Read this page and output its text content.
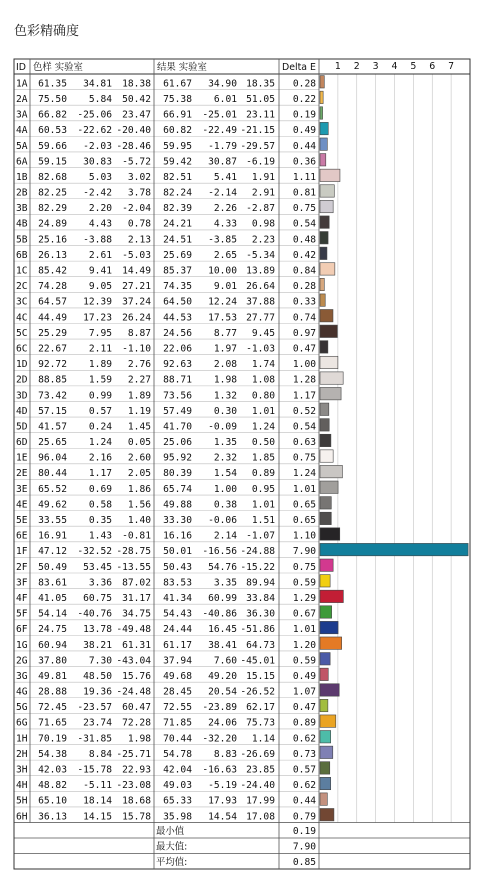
色彩精确度
ID 色样 实验室	结果 实验室	Delta E 1 2 3 4 5 6 7
1A 61.35 34.81 18.38 61.67 34.90 18.35 0.28
2A 75.50 5.84 50.42 75.38 6.01 51.05 0.22
3A 66.82 -25.06 23.47 66.91 -25.01 23.11 0.19
4A 60.53 -22.62 -20.40 60.82 -22.49 -21.15 0.49
5A 59.66 -2.03 -28.46 59.95 -1.79 -29.57 0.44
6A 59.15 30.83 -5.72 59.42 30.87 -6.19 0.36
1B 82.68 5.03 3.02 82.51 5.41 1.91 1.11
2B 82.25 -2.42 3.78 82.24 -2.14 2.91 0.81
3B 82.29 2.20 -2.04 82.39 2.26 -2.87 0.75
4B 24.89 4.43 0.78 24.21 4.33 0.98 0.54
5B 25.16 -3.88 2.13 24.51 -3.85 2.23 0.48
6B 26.13 2.61 -5.03 25.69 2.65 -5.34 0.42
1C 85.42 9.41 14.49 85.37 10.00 13.89 0.84
2C 74.28 9.05 27.21 74.35 9.01 26.64 0.28
3C 64.57 12.39 37.24 64.50 12.24 37.88 0.33
4C 44.49 17.23 26.24 44.53 17.53 27.77 0.74
5C 25.29 7.95 8.87 24.56 8.77 9.45 0.97
6C 22.67 2.11 -1.10 22.06 1.97 -1.03 0.47
1D 92.72 1.89 2.76 92.63 2.08 1.74 1.00
2D 88.85 1.59 2.27 88.71 1.98 1.08 1.28
3D 73.42 0.99 1.89 73.56 1.32 0.80 1.17
4D 57.15 0.57 1.19 57.49 0.30 1.01 0.52
5D 41.57 0.24 1.45 41.70 -0.09 1.24 0.54
6D 25.65 1.24 0.05 25.06 1.35 0.50 0.63
1E 96.04 2.16 2.60 95.92 2.32 1.85 0.75
2E 80.44 1.17 2.05 80.39 1.54 0.89 1.24
3E 65.52 0.69 1.86 65.74 1.00 0.95 1.01
4E 49.62 0.58 1.56 49.88 0.38 1.01 0.65
5E 33.55 0.35 1.40 33.30 -0.06 1.51 0.65
6E 16.91 1.43 -0.81 16.16 2.14 -1.07 1.10
1F 47.12 -32.52 -28.75 50.01 -16.56 -24.88 7.90
2F 50.49 53.45 -13.55 50.43 54.76 -15.22 0.75
3F 83.61 3.36 87.02 83.53 3.35 89.94 0.59
4F 41.05 60.75 31.17 41.34 60.99 33.84 1.29
5F 54.14 -40.76 34.75 54.43 -40.86 36.30 0.67
6F 24.75 13.78 -49.48 24.44 16.45 -51.86 1.01
1G 60.94 38.21 61.31 61.17 38.41 64.73 1.20
2G 37.80 7.30 -43.04 37.94 7.60 -45.01 0.59
3G 49.81 48.50 15.76 49.68 49.20 15.15 0.49
4G 28.88 19.36 -24.48 28.45 20.54 -26.52 1.07
5G 72.45 -23.57 60.47 72.55 -23.89 62.17 0.47
6G 71.65 23.74 72.28 71.85 24.06 75.73 0.89
1H 70.19 -31.85 1.98 70.44 -32.20 1.14 0.62
2H 54.38 8.84 -25.71 54.78 8.83 -26.69 0.73
3H 42.03 -15.78 22.93 42.04 -16.63 23.85 0.57
4H 48.82 -5.11 -23.08 49.03 -5.19 -24.40 0.62
5H 65.10 18.14 18.68 65.33 17.93 17.99 0.44
6H 36.13 14.15 15.78 35.98 14.54 17.08 0.79
最小值	0.19
最大值:	7.90
平均值:	0.85
